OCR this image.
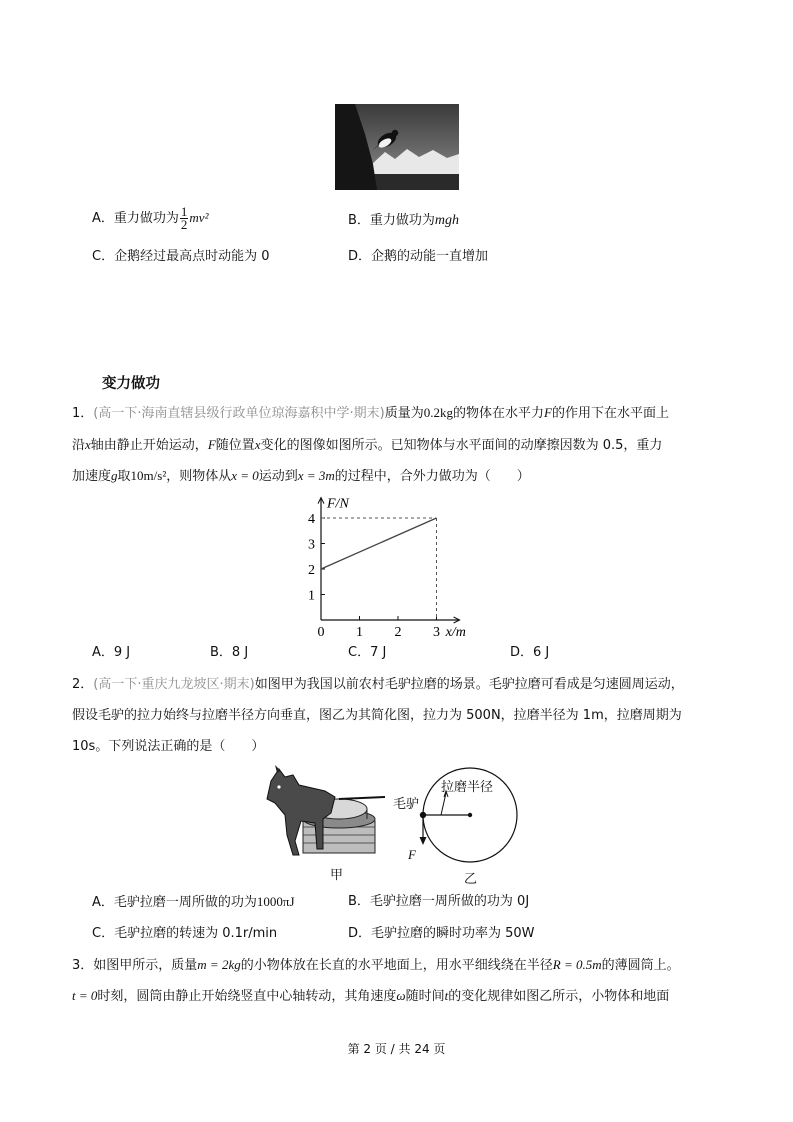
A．重力做功为 $\frac{1}{2} mv^2$	B．重力做功为mgh
C．企鹅经过最高点时动能为 0	D．企鹅的动能一直增加
变力做功
1．(高一下·海南直辖县级行政单位琼海嘉积中学·期末)质量为0.2kg的物体在水平力F的作用下在水平面上
沿x轴由静止开始运动，F随位置x变化的图像如图所示。已知物体与水平面间的动摩擦因数为 0.5，重力
加速度g取10m/s²，则物体从x = 0运动到x = 3m的过程中，合外力做功为（　　）
0 1 2 3
1
2
3
4
x/m
F/N
A．9 J	B．8 J	C．7 J	D．6 J
2．(高一下·重庆九龙坡区·期末)如图甲为我国以前农村毛驴拉磨的场景。毛驴拉磨可看成是匀速圆周运动，
假设毛驴的拉力始终与拉磨半径方向垂直，图乙为其简化图，拉力为 500N，拉磨半径为 1m，拉磨周期为
10s。下列说法正确的是（　　）
甲
毛驴
拉磨半径
F
乙
A．毛驴拉磨一周所做的功为1000πJ	B．毛驴拉磨一周所做的功为 0J
C．毛驴拉磨的转速为 0.1r/min	D．毛驴拉磨的瞬时功率为 50W
3．如图甲所示，质量m = 2kg的小物体放在长直的水平地面上，用水平细线绕在半径R = 0.5m的薄圆筒上。
t = 0时刻，圆筒由静止开始绕竖直中心轴转动，其角速度ω随时间t的变化规律如图乙所示，小物体和地面
第 2 页 / 共 24 页
